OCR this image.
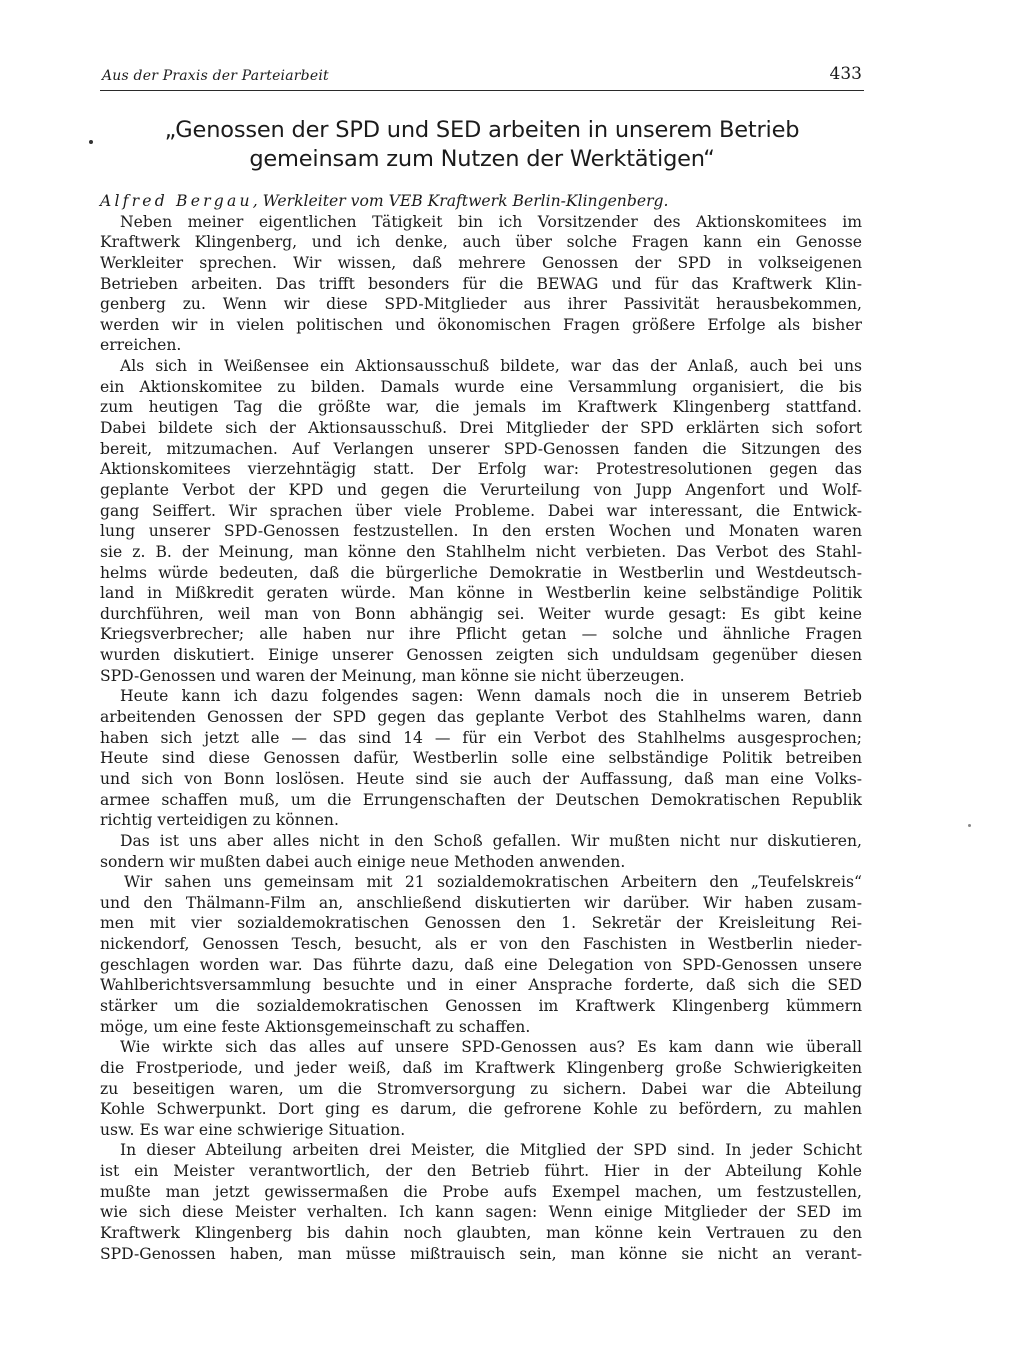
Aus der Praxis der Parteiarbeit	433
„Genossen der SPD und SED arbeiten in unserem Betrieb
gemeinsam zum Nutzen der Werktätigen“
Alfred Bergau, Werkleiter vom VEB Kraftwerk Berlin-Klingenberg.
Neben meiner eigentlichen Tätigkeit bin ich Vorsitzender des Aktionskomitees im
Kraftwerk Klingenberg, und ich denke, auch über solche Fragen kann ein Genosse
Werkleiter sprechen. Wir wissen, daß mehrere Genossen der SPD in volkseigenen
Betrieben arbeiten. Das trifft besonders für die BEWAG und für das Kraftwerk Klin-
genberg zu. Wenn wir diese SPD-Mitglieder aus ihrer Passivität herausbekommen,
werden wir in vielen politischen und ökonomischen Fragen größere Erfolge als bisher
erreichen.
Als sich in Weißensee ein Aktionsausschuß bildete, war das der Anlaß, auch bei uns
ein Aktionskomitee zu bilden. Damals wurde eine Versammlung organisiert, die bis
zum heutigen Tag die größte war, die jemals im Kraftwerk Klingenberg stattfand.
Dabei bildete sich der Aktionsausschuß. Drei Mitglieder der SPD erklärten sich sofort
bereit, mitzumachen. Auf Verlangen unserer SPD-Genossen fanden die Sitzungen des
Aktionskomitees vierzehntägig statt. Der Erfolg war: Protestresolutionen gegen das
geplante Verbot der KPD und gegen die Verurteilung von Jupp Angenfort und Wolf-
gang Seiffert. Wir sprachen über viele Probleme. Dabei war interessant, die Entwick-
lung unserer SPD-Genossen festzustellen. In den ersten Wochen und Monaten waren
sie z. B. der Meinung, man könne den Stahlhelm nicht verbieten. Das Verbot des Stahl-
helms würde bedeuten, daß die bürgerliche Demokratie in Westberlin und Westdeutsch-
land in Mißkredit geraten würde. Man könne in Westberlin keine selbständige Politik
durchführen, weil man von Bonn abhängig sei. Weiter wurde gesagt: Es gibt keine
Kriegsverbrecher; alle haben nur ihre Pflicht getan — solche und ähnliche Fragen
wurden diskutiert. Einige unserer Genossen zeigten sich unduldsam gegenüber diesen
SPD-Genossen und waren der Meinung, man könne sie nicht überzeugen.
Heute kann ich dazu folgendes sagen: Wenn damals noch die in unserem Betrieb
arbeitenden Genossen der SPD gegen das geplante Verbot des Stahlhelms waren, dann
haben sich jetzt alle — das sind 14 — für ein Verbot des Stahlhelms ausgesprochen;
Heute sind diese Genossen dafür, Westberlin solle eine selbständige Politik betreiben
und sich von Bonn loslösen. Heute sind sie auch der Auffassung, daß man eine Volks-
armee schaffen muß, um die Errungenschaften der Deutschen Demokratischen Republik
richtig verteidigen zu können.
Das ist uns aber alles nicht in den Schoß gefallen. Wir mußten nicht nur diskutieren,
sondern wir mußten dabei auch einige neue Methoden anwenden.
Wir sahen uns gemeinsam mit 21 sozialdemokratischen Arbeitern den „Teufelskreis“
und den Thälmann-Film an, anschließend diskutierten wir darüber. Wir haben zusam-
men mit vier sozialdemokratischen Genossen den 1. Sekretär der Kreisleitung Rei-
nickendorf, Genossen Tesch, besucht, als er von den Faschisten in Westberlin nieder-
geschlagen worden war. Das führte dazu, daß eine Delegation von SPD-Genossen unsere
Wahlberichtsversammlung besuchte und in einer Ansprache forderte, daß sich die SED
stärker um die sozialdemokratischen Genossen im Kraftwerk Klingenberg kümmern
möge, um eine feste Aktionsgemeinschaft zu schaffen.
Wie wirkte sich das alles auf unsere SPD-Genossen aus? Es kam dann wie überall
die Frostperiode, und jeder weiß, daß im Kraftwerk Klingenberg große Schwierigkeiten
zu beseitigen waren, um die Stromversorgung zu sichern. Dabei war die Abteilung
Kohle Schwerpunkt. Dort ging es darum, die gefrorene Kohle zu befördern, zu mahlen
usw. Es war eine schwierige Situation.
In dieser Abteilung arbeiten drei Meister, die Mitglied der SPD sind. In jeder Schicht
ist ein Meister verantwortlich, der den Betrieb führt. Hier in der Abteilung Kohle
mußte man jetzt gewissermaßen die Probe aufs Exempel machen, um festzustellen,
wie sich diese Meister verhalten. Ich kann sagen: Wenn einige Mitglieder der SED im
Kraftwerk Klingenberg bis dahin noch glaubten, man könne kein Vertrauen zu den
SPD-Genossen haben, man müsse mißtrauisch sein, man könne sie nicht an verant-
